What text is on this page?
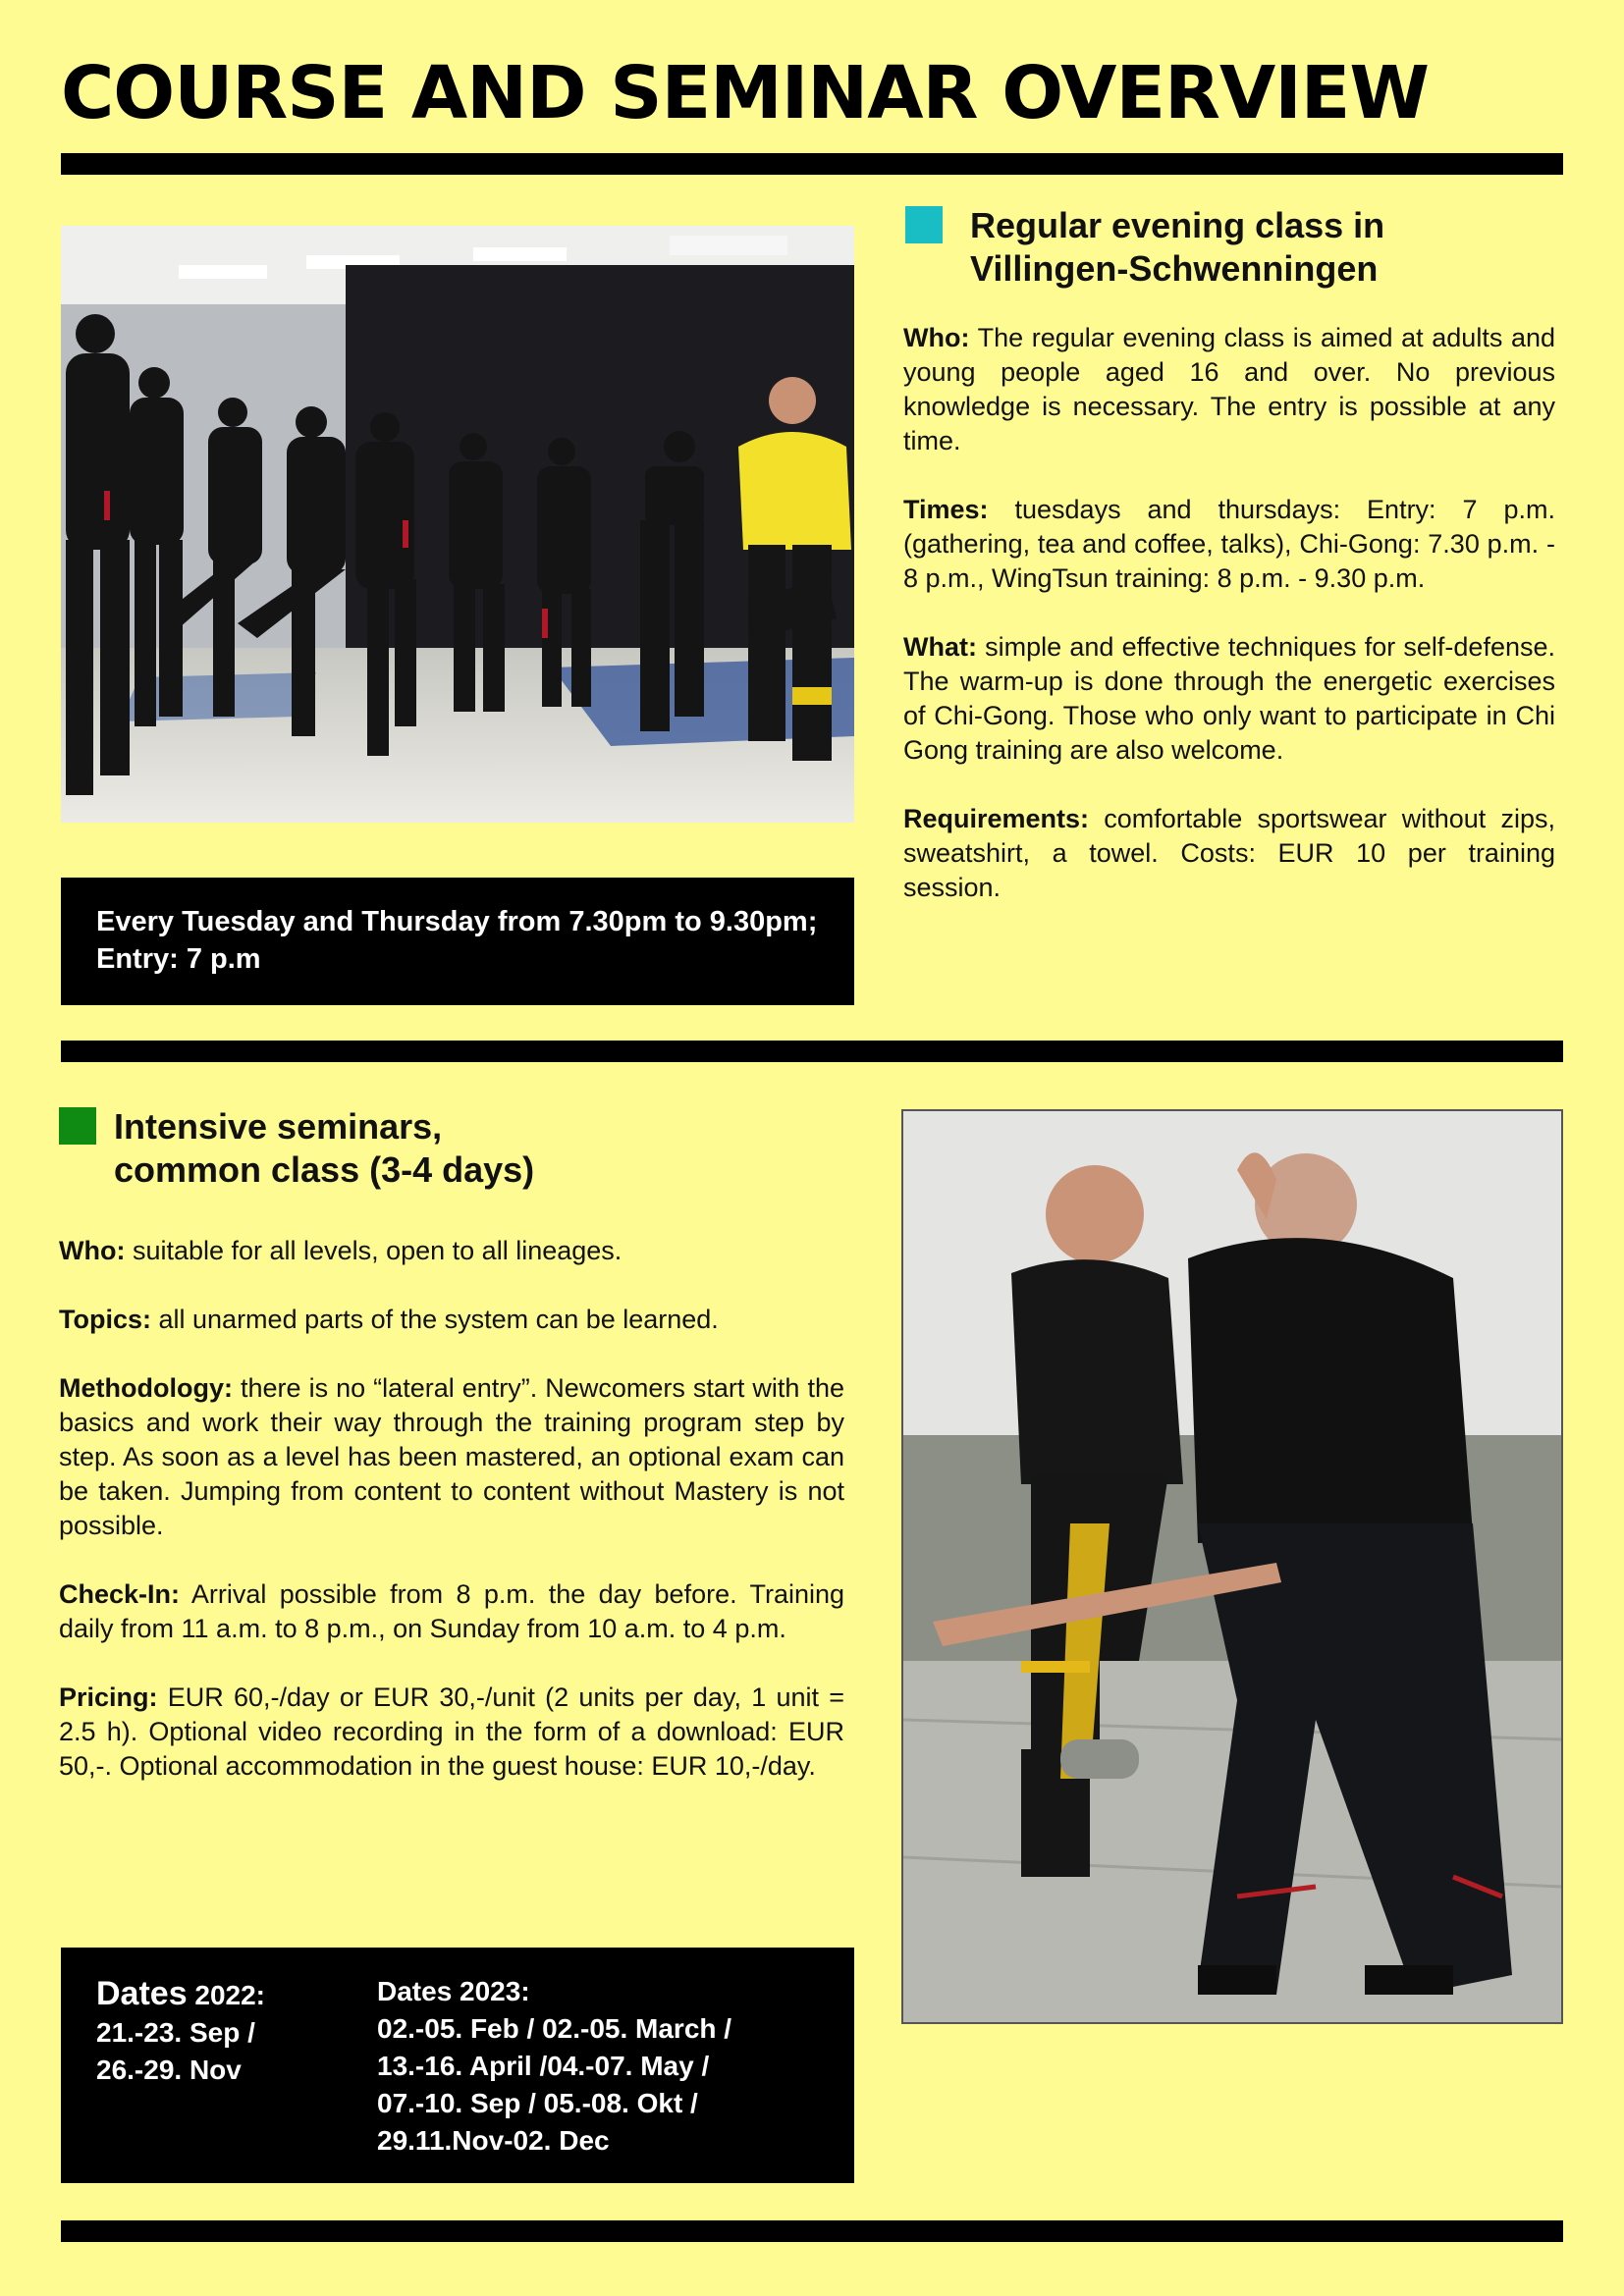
COURSE AND SEMINAR OVERVIEW
Every Tuesday and Thursday from 7.30pm to 9.30pm; Entry: 7 p.m
Regular evening class in
Villingen-Schwenningen

Who: The regular evening class is aimed at adults and young people aged 16 and over. No previous knowledge is necessary. The entry is possible at any time.

Times: tuesdays and thursdays: Entry: 7 p.m. (gathering, tea and coffee, talks), Chi-Gong: 7.30 p.m. - 8 p.m., WingTsun training: 8 p.m. - 9.30 p.m.

What: simple and effective techniques for self-defense. The warm-up is done through the energetic exercises of Chi-Gong. Those who only want to participate in Chi Gong training are also welcome.

Requirements: comfortable sportswear without zips, sweatshirt, a towel. Costs: EUR 10 per training session.

Intensive seminars,
common class (3-4 days)

Who: suitable for all levels, open to all lineages.

Topics: all unarmed parts of the system can be learned.

Methodology: there is no “lateral entry”. Newcomers start with the basics and work their way through the training program step by step. As soon as a level has been mastered, an optional exam can be taken. Jumping from content to content without Mastery is not possible.

Check-In: Arrival possible from 8 p.m. the day before. Training daily from 11 a.m. to 8 p.m., on Sunday from 10 a.m. to 4 p.m.

Pricing: EUR 60,-/day or EUR 30,-/unit (2 units per day, 1 unit = 2.5 h). Optional video recording in the form of a download: EUR 50,-. Optional accommodation in the guest house: EUR 10,-/day.

Dates 2022:
21.-23. Sep /
26.-29. Nov
Dates 2023:
02.-05. Feb / 02.-05. March /
13.-16. April /04.-07. May /
07.-10. Sep / 05.-08. Okt /
29.11.Nov-02. Dec
